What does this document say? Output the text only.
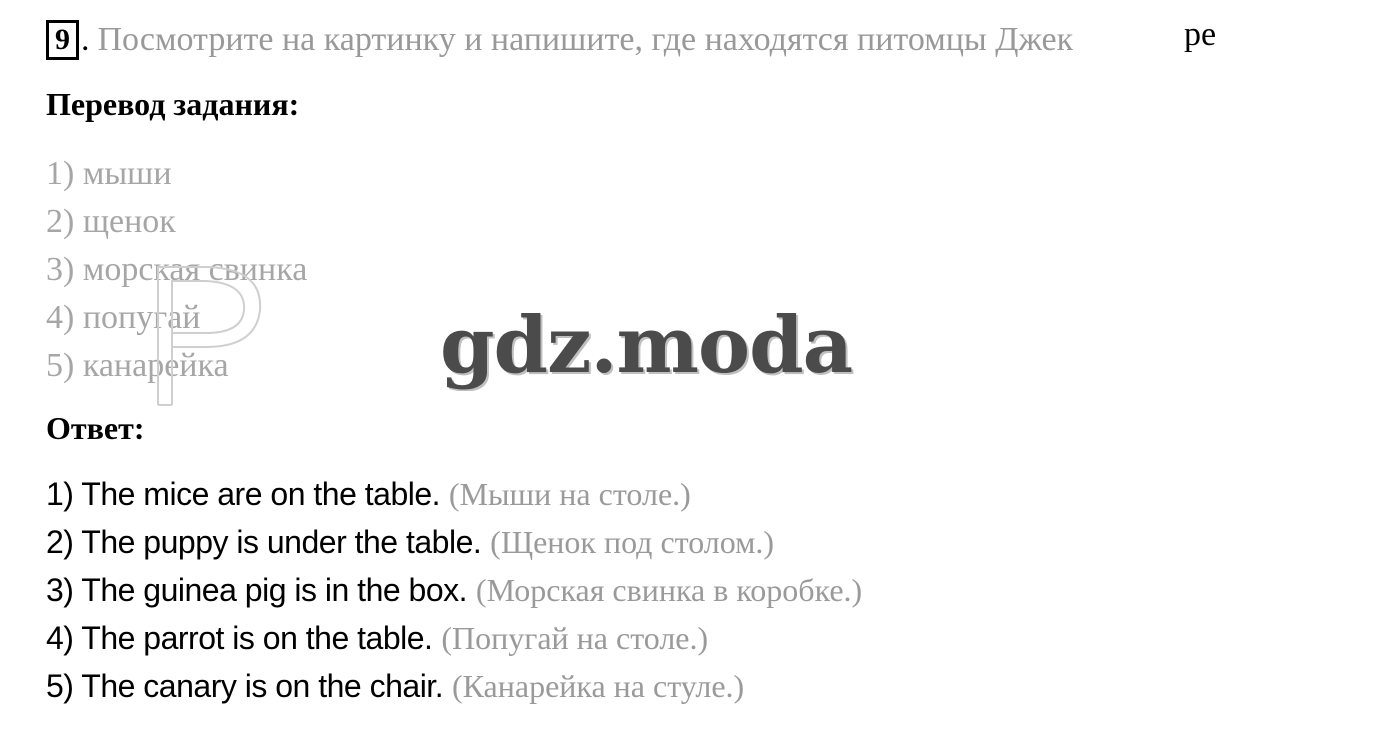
9 . Посмотрите на картинку и напишите, где находятся питомцы Джек	pe
Перевод задания:
1) мыши
2) щенок
3) морская свинка
4) попугай
5) канарейка	gdz.moda
Ответ:
1) The mice are on the table. (Мыши на столе.)
2) The puppy is under the table. (Щенок под столом.)
3) The guinea pig is in the box. (Морская свинка в коробке.)
4) The parrot is on the table. (Попугай на столе.)
5) The canary is on the chair. (Канарейка на стуле.)
